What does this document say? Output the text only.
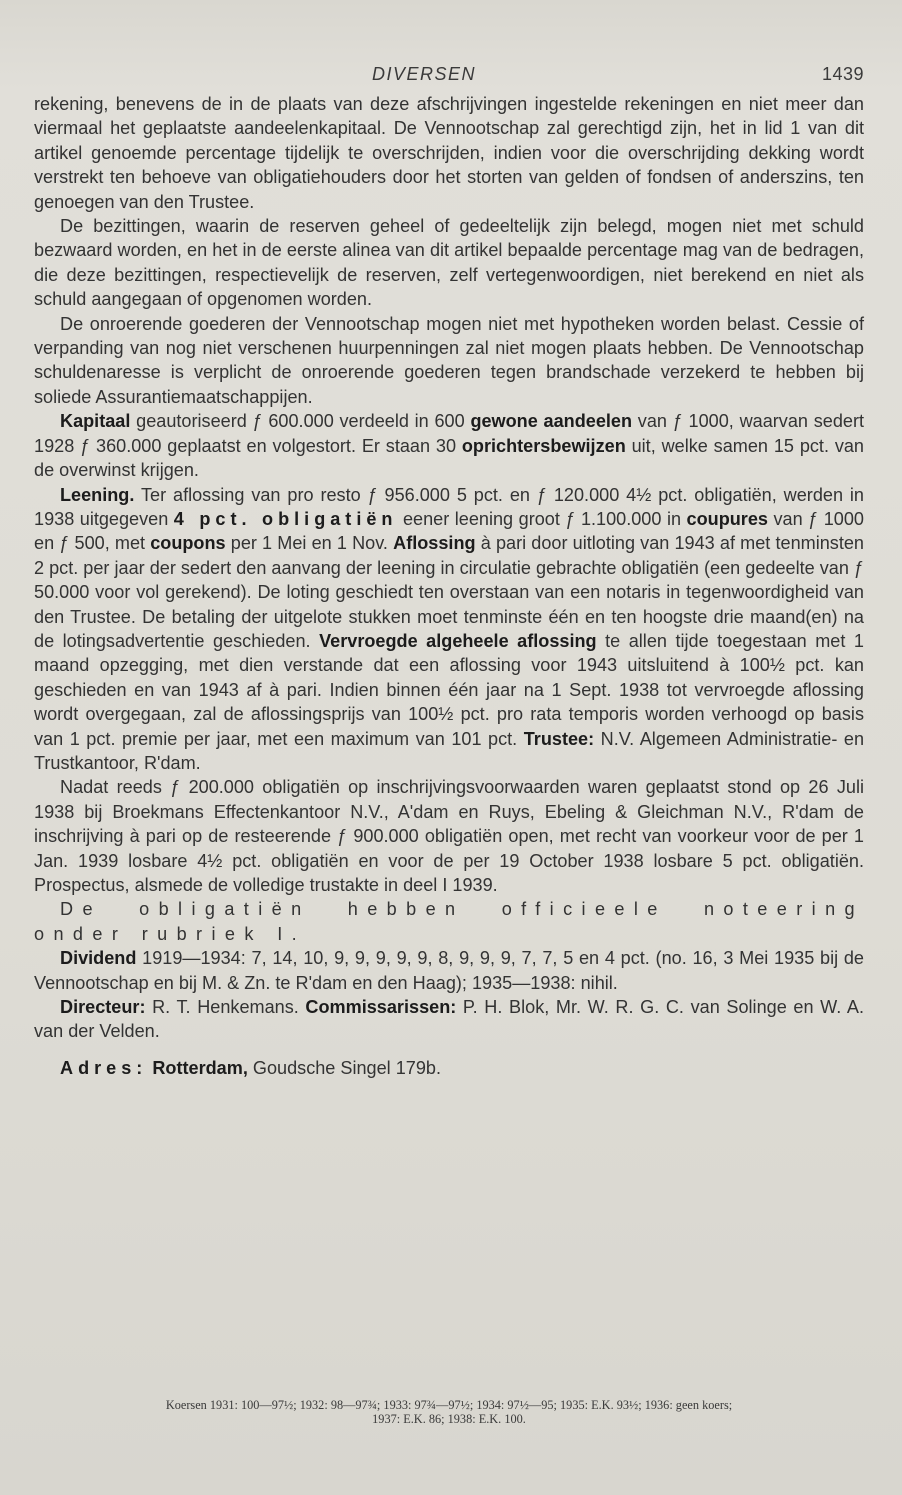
DIVERSEN	1439

rekening, benevens de in de plaats van deze afschrijvingen ingestelde rekeningen en niet meer dan viermaal het geplaatste aandeelenkapitaal. De Vennootschap zal gerechtigd zijn, het in lid 1 van dit artikel genoemde percentage tijdelijk te overschrijden, indien voor die overschrijding dekking wordt verstrekt ten behoeve van obligatiehouders door het storten van gelden of fondsen of anderszins, ten genoegen van den Trustee.

De bezittingen, waarin de reserven geheel of gedeeltelijk zijn belegd, mogen niet met schuld bezwaard worden, en het in de eerste alinea van dit artikel bepaalde percentage mag van de bedragen, die deze bezittingen, respectievelijk de reserven, zelf vertegenwoordigen, niet berekend en niet als schuld aangegaan of opgenomen worden.

De onroerende goederen der Vennootschap mogen niet met hypotheken worden belast. Cessie of verpanding van nog niet verschenen huurpenningen zal niet mogen plaats hebben. De Vennootschap schuldenaresse is verplicht de onroerende goederen tegen brandschade verzekerd te hebben bij soliede Assurantiemaatschappijen.

Kapitaal geautoriseerd ƒ 600.000 verdeeld in 600 gewone aandeelen van ƒ 1000, waarvan sedert 1928 ƒ 360.000 geplaatst en volgestort. Er staan 30 oprichtersbewijzen uit, welke samen 15 pct. van de overwinst krijgen.

Leening. Ter aflossing van pro resto ƒ 956.000 5 pct. en ƒ 120.000 4½ pct. obligatiën, werden in 1938 uitgegeven 4 pct. obligatiën eener leening groot ƒ 1.100.000 in coupures van ƒ 1000 en ƒ 500, met coupons per 1 Mei en 1 Nov. Aflossing à pari door uitloting van 1943 af met tenminsten 2 pct. per jaar der sedert den aanvang der leening in circulatie gebrachte obligatiën (een gedeelte van ƒ 50.000 voor vol gerekend). De loting geschiedt ten overstaan van een notaris in tegenwoordigheid van den Trustee. De betaling der uitgelote stukken moet tenminste één en ten hoogste drie maand(en) na de lotingsadvertentie geschieden. Vervroegde algeheele aflossing te allen tijde toegestaan met 1 maand opzegging, met dien verstande dat een aflossing voor 1943 uitsluitend à 100½ pct. kan geschieden en van 1943 af à pari. Indien binnen één jaar na 1 Sept. 1938 tot vervroegde aflossing wordt overgegaan, zal de aflossingsprijs van 100½ pct. pro rata temporis worden verhoogd op basis van 1 pct. premie per jaar, met een maximum van 101 pct. Trustee: N.V. Algemeen Administratie- en Trustkantoor, R'dam.

Nadat reeds ƒ 200.000 obligatiën op inschrijvingsvoorwaarden waren geplaatst stond op 26 Juli 1938 bij Broekmans Effectenkantoor N.V., A'dam en Ruys, Ebeling & Gleichman N.V., R'dam de inschrijving à pari op de resteerende ƒ 900.000 obligatiën open, met recht van voorkeur voor de per 1 Jan. 1939 losbare 4½ pct. obligatiën en voor de per 19 October 1938 losbare 5 pct. obligatiën. Prospectus, alsmede de volledige trustakte in deel I 1939.

De obligatiën hebben officieele noteering onder rubriek I.

Dividend 1919—1934: 7, 14, 10, 9, 9, 9, 9, 9, 8, 9, 9, 9, 7, 7, 5 en 4 pct. (no. 16, 3 Mei 1935 bij de Vennootschap en bij M. & Zn. te R'dam en den Haag); 1935—1938: nihil.

Directeur: R. T. Henkemans. Commissarissen: P. H. Blok, Mr. W. R. G. C. van Solinge en W. A. van der Velden.

Adres: Rotterdam, Goudsche Singel 179b.

Koersen 1931: 100—97½; 1932: 98—97¾; 1933: 97¾—97½; 1934: 97½—95; 1935: E.K. 93½; 1936: geen koers;
1937: E.K. 86; 1938: E.K. 100.
